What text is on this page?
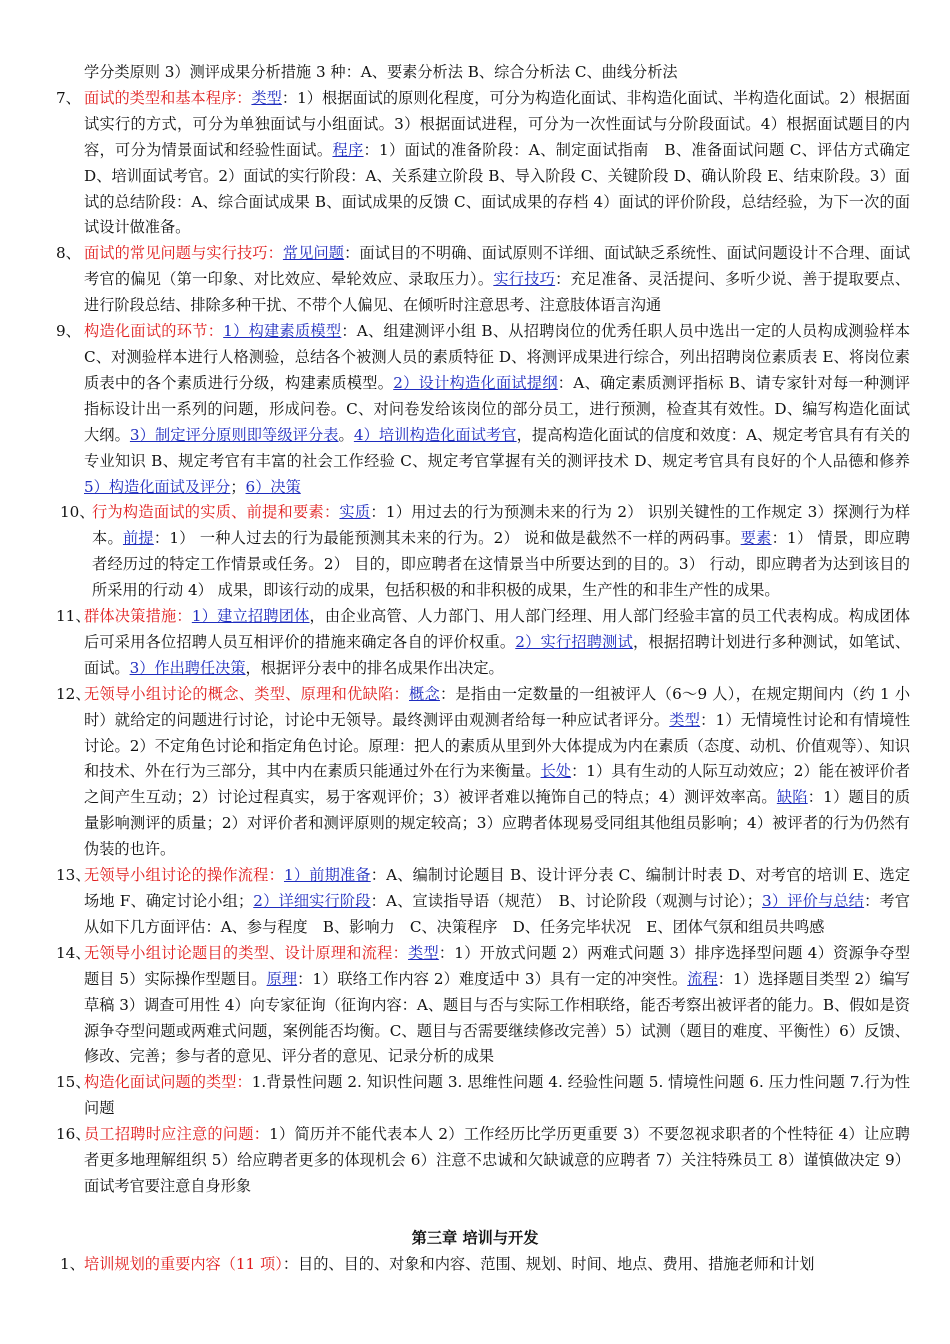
学分类原则 3）测评成果分析措施 3 种：A、要素分析法 B、综合分析法 C、曲线分析法
7、 面试的类型和基本程序：类型：1）根据面试的原则化程度，可分为构造化面试、非构造化面试、半构造化面试。2）根据面试实行的方式，可分为单独面试与小组面试。3）根据面试进程，可分为一次性面试与分阶段面试。4）根据面试题目的内容，可分为情景面试和经验性面试。程序：1）面试的准备阶段：A、制定面试指南　B、准备面试问题 C、评估方式确定 D、培训面试考官。2）面试的实行阶段：A、关系建立阶段 B、导入阶段 C、关键阶段 D、确认阶段 E、结束阶段。3）面试的总结阶段：A、综合面试成果 B、面试成果的反馈 C、面试成果的存档 4）面试的评价阶段，总结经验，为下一次的面试设计做准备。
8、 面试的常见问题与实行技巧：常见问题：面试目的不明确、面试原则不详细、面试缺乏系统性、面试问题设计不合理、面试考官的偏见（第一印象、对比效应、晕轮效应、录取压力）。实行技巧：充足准备、灵活提问、多听少说、善于提取要点、进行阶段总结、排除多种干扰、不带个人偏见、在倾听时注意思考、注意肢体语言沟通
9、 构造化面试的环节：1）构建素质模型：A、组建测评小组 B、从招聘岗位的优秀任职人员中选出一定的人员构成测验样本 C、对测验样本进行人格测验，总结各个被测人员的素质特征 D、将测评成果进行综合，列出招聘岗位素质表 E、将岗位素质表中的各个素质进行分级，构建素质模型。2）设计构造化面试提纲：A、确定素质测评指标 B、请专家针对每一种测评指标设计出一系列的问题，形成问卷。C、对问卷发给该岗位的部分员工，进行预测，检查其有效性。D、编写构造化面试大纲。3）制定评分原则即等级评分表。4）培训构造化面试考官，提高构造化面试的信度和效度：A、规定考官具有有关的专业知识 B、规定考官有丰富的社会工作经验 C、规定考官掌握有关的测评技术 D、规定考官具有良好的个人品德和修养5）构造化面试及评分；6）决策
10、
行为构造面试的实质、前提和要素：实质：1）用过去的行为预测未来的行为 2） 识别关键性的工作规定 3）探测行为样本。前提：1） 一种人过去的行为最能预测其未来的行为。2） 说和做是截然不一样的两码事。要素：1） 情景，即应聘者经历过的特定工作情景或任务。2） 目的，即应聘者在这情景当中所要达到的目的。3） 行动，即应聘者为达到该目的所采用的行动 4） 成果，即该行动的成果，包括积极的和非积极的成果，生产性的和非生产性的成果。
11、
群体决策措施：1）建立招聘团体，由企业高管、人力部门、用人部门经理、用人部门经验丰富的员工代表构成。构成团体后可采用各位招聘人员互相评价的措施来确定各自的评价权重。2）实行招聘测试，根据招聘计划进行多种测试，如笔试、面试。3）作出聘任决策，根据评分表中的排名成果作出决定。
12、
无领导小组讨论的概念、类型、原理和优缺陷：概念：是指由一定数量的一组被评人（6～9 人），在规定期间内（约 1 小时）就给定的问题进行讨论，讨论中无领导。最终测评由观测者给每一种应试者评分。类型：1）无情境性讨论和有情境性讨论。2）不定角色讨论和指定角色讨论。原理：把人的素质从里到外大体提成为内在素质（态度、动机、价值观等）、知识和技术、外在行为三部分，其中内在素质只能通过外在行为来衡量。长处：1）具有生动的人际互动效应；2）能在被评价者之间产生互动；2）讨论过程真实，易于客观评价；3）被评者难以掩饰自己的特点；4）测评效率高。缺陷：1）题目的质量影响测评的质量；2）对评价者和测评原则的规定较高；3）应聘者体现易受同组其他组员影响；4）被评者的行为仍然有伪装的也许。
13、
无领导小组讨论的操作流程：1）前期准备：A、编制讨论题目 B、设计评分表 C、编制计时表 D、对考官的培训 E、选定场地 F、确定讨论小组；2）详细实行阶段：A、宣读指导语（规范）　B、讨论阶段（观测与讨论）；3）评价与总结：考官从如下几方面评估：A、参与程度　B、影响力　C、决策程序　D、任务完毕状况　E、团体气氛和组员共鸣感
14、
无领导小组讨论题目的类型、设计原理和流程：类型：1）开放式问题 2）两难式问题 3）排序选择型问题 4）资源争夺型题目 5）实际操作型题目。原理：1）联络工作内容 2）难度适中 3）具有一定的冲突性。流程：1）选择题目类型 2）编写草稿 3）调查可用性 4）向专家征询（征询内容：A、题目与否与实际工作相联络，能否考察出被评者的能力。B、假如是资源争夺型问题或两难式问题，案例能否均衡。C、题目与否需要继续修改完善）5）试测（题目的难度、平衡性）6）反馈、修改、完善；参与者的意见、评分者的意见、记录分析的成果
15、
构造化面试问题的类型：1.背景性问题 2. 知识性问题 3. 思维性问题 4. 经验性问题 5. 情境性问题 6. 压力性问题 7.行为性问题
16、
员工招聘时应注意的问题：1）简历并不能代表本人 2）工作经历比学历更重要 3）不要忽视求职者的个性特征 4）让应聘者更多地理解组织 5）给应聘者更多的体现机会 6）注意不忠诚和欠缺诚意的应聘者 7）关注特殊员工 8）谨慎做决定 9）面试考官要注意自身形象
第三章 培训与开发
1、 培训规划的重要内容（11 项）：目的、目的、对象和内容、范围、规划、时间、地点、费用、措施老师和计划
